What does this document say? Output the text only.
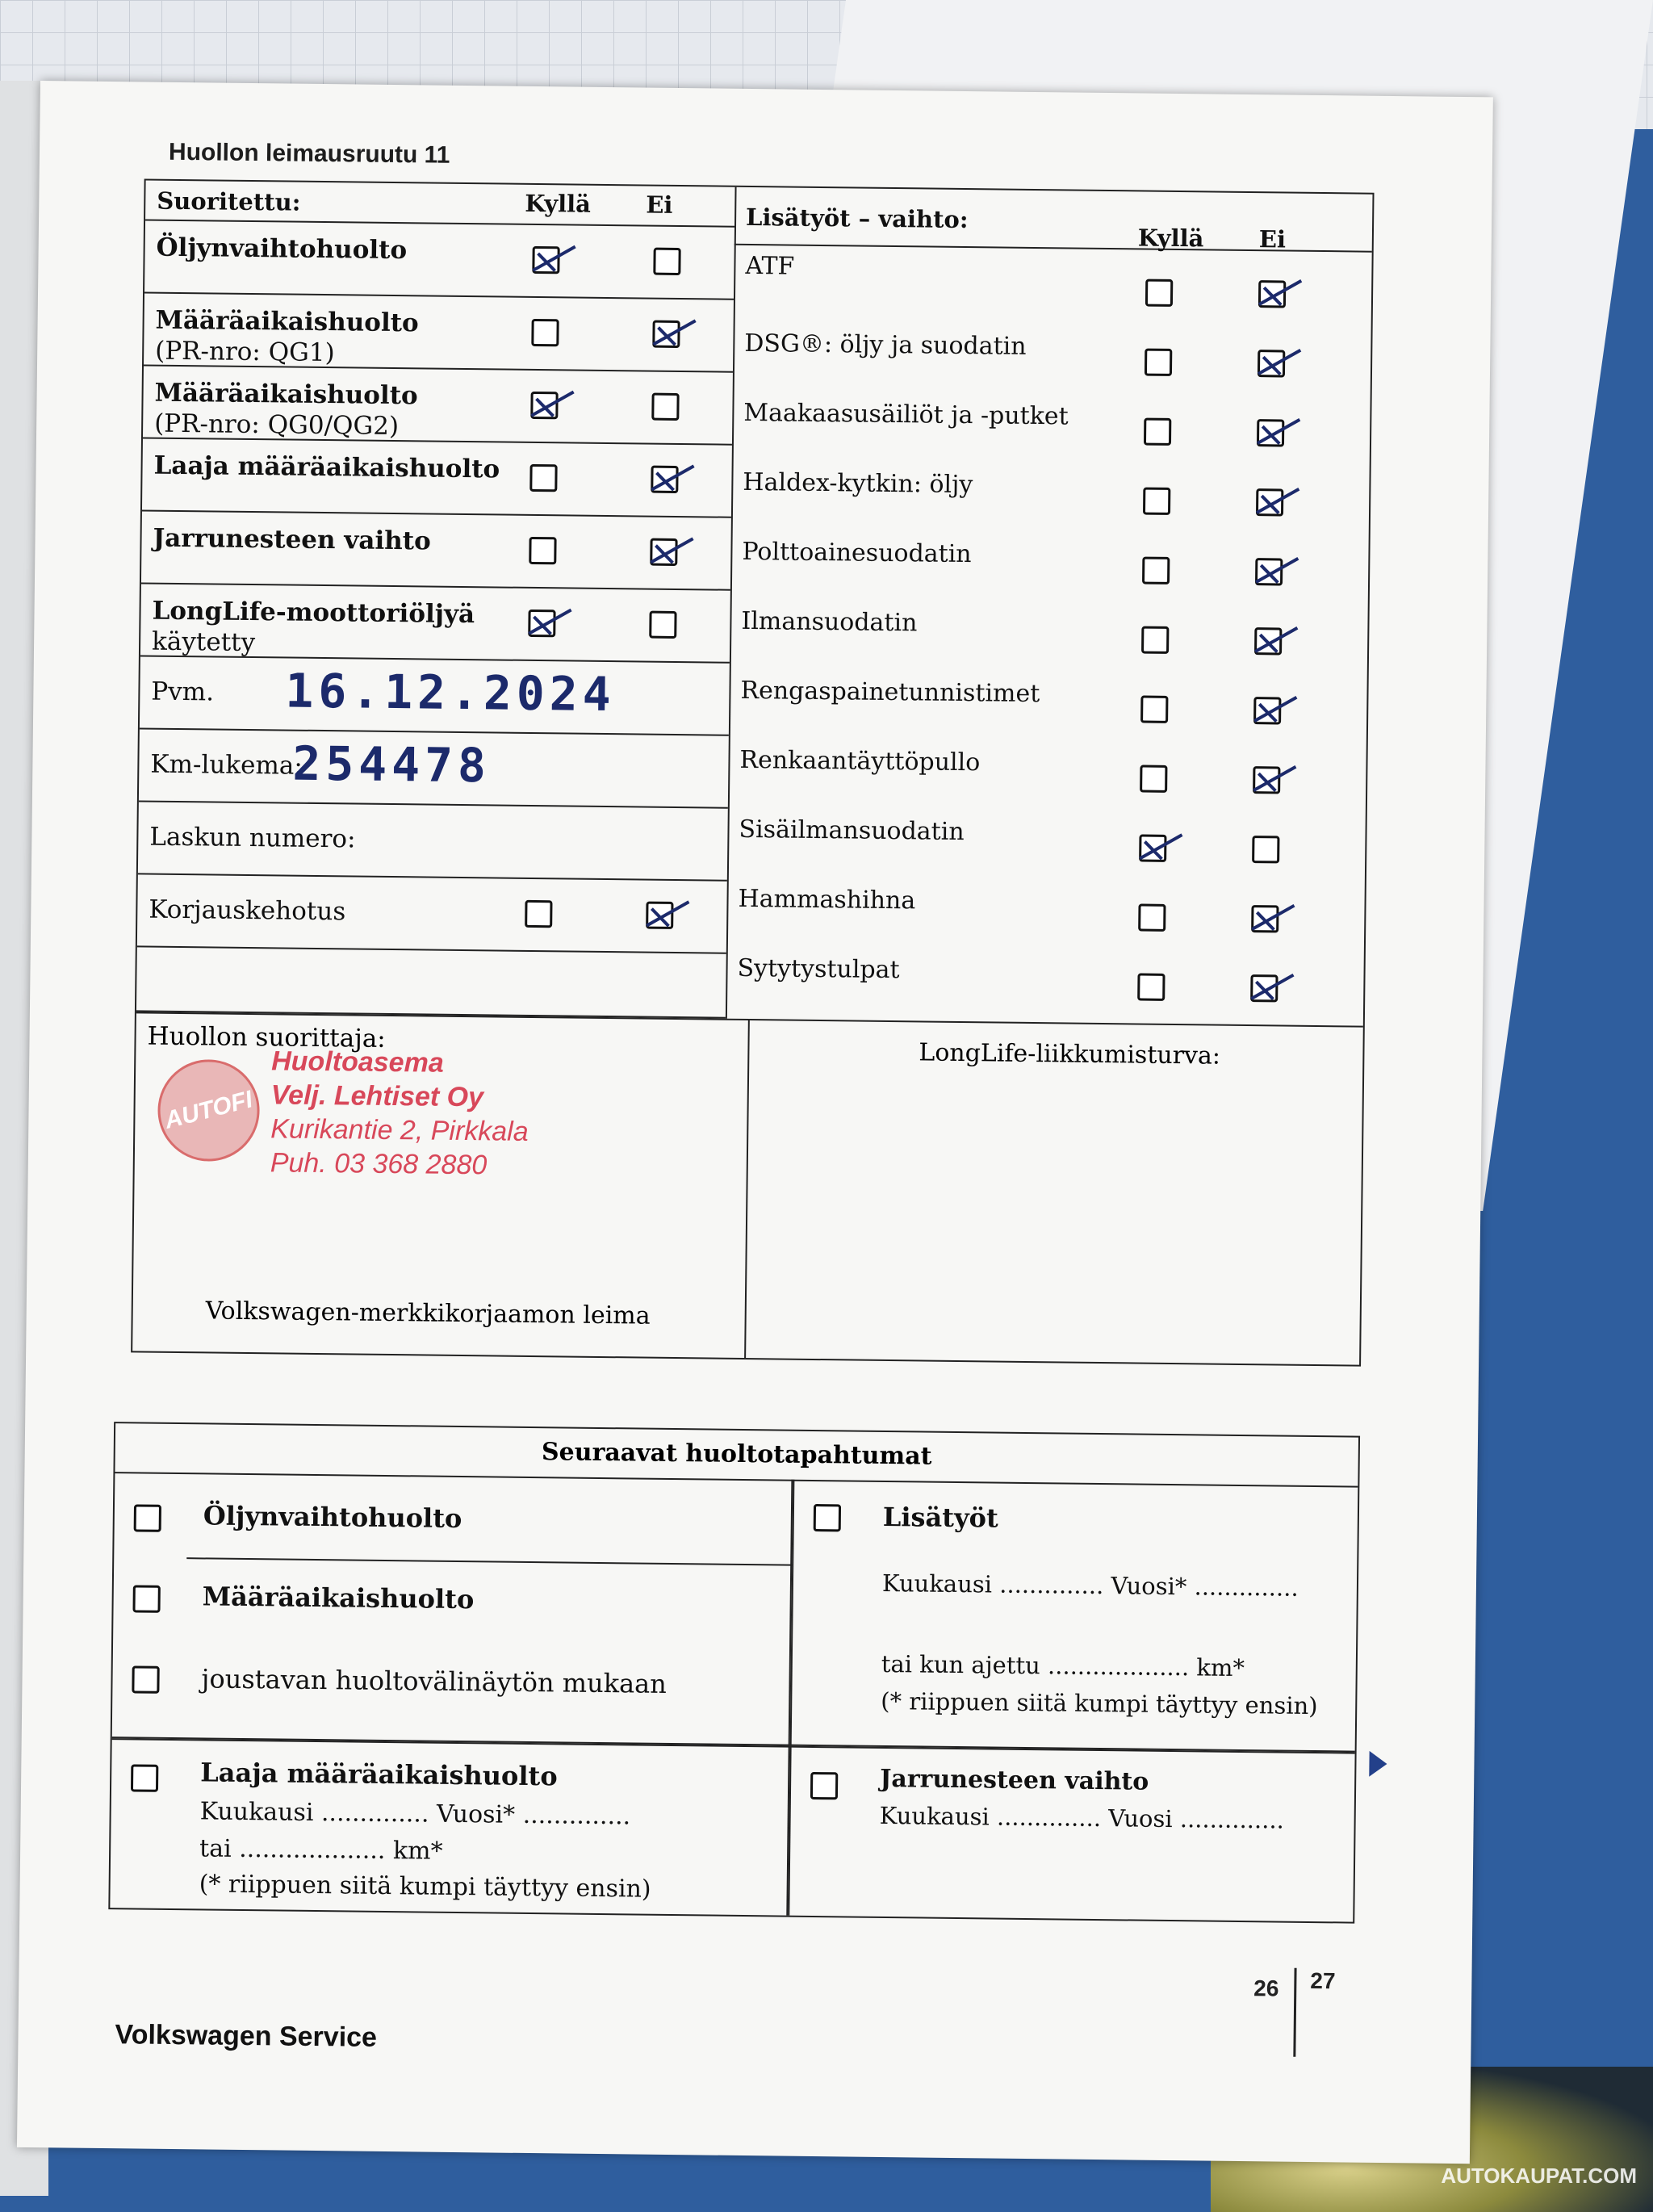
Huollon leimausruutu 11
Suoritettu:	Kyllä Ei
Öljynvaihtohuolto
Määräaikaishuolto
(PR-nro: QG1)
Määräaikaishuolto
(PR-nro: QG0/QG2)
Laaja määräaikaishuolto
Jarrunesteen vaihto
LongLife-moottoriöljyä
käytetty
Pvm. 16.12.2024
Km-lukema:
254478
Laskun numero:
Korjauskehotus
Lisätyöt – vaihto:
Kyllä Ei
ATF
DSG®: öljy ja suodatin
Maakaasusäiliöt ja -putket
Haldex-kytkin: öljy
Polttoainesuodatin
Ilmansuodatin
Rengaspainetunnistimet
Renkaantäyttöpullo
Sisäilmansuodatin
Hammashihna
Sytytystulpat
Huollon suorittaja:
Volkswagen-merkkikorjaamon leima
LongLife-liikkumisturva:
AUTOFI
Huoltoasema
Velj. Lehtiset Oy
Kurikantie 2, Pirkkala
Puh. 03 368 2880
Seuraavat huoltotapahtumat
Öljynvaihtohuolto
Määräaikaishuolto
joustavan huoltovälinäytön mukaan
Lisätyöt
Kuukausi .............. Vuosi* ..............
tai kun ajettu ................... km*
(* riippuen siitä kumpi täyttyy ensin)
Laaja määräaikaishuolto
Kuukausi .............. Vuosi* ..............
tai ................... km*
(* riippuen siitä kumpi täyttyy ensin)
Jarrunesteen vaihto
Kuukausi .............. Vuosi ..............
Volkswagen Service
26 27
AUTOKAUPAT.COM
